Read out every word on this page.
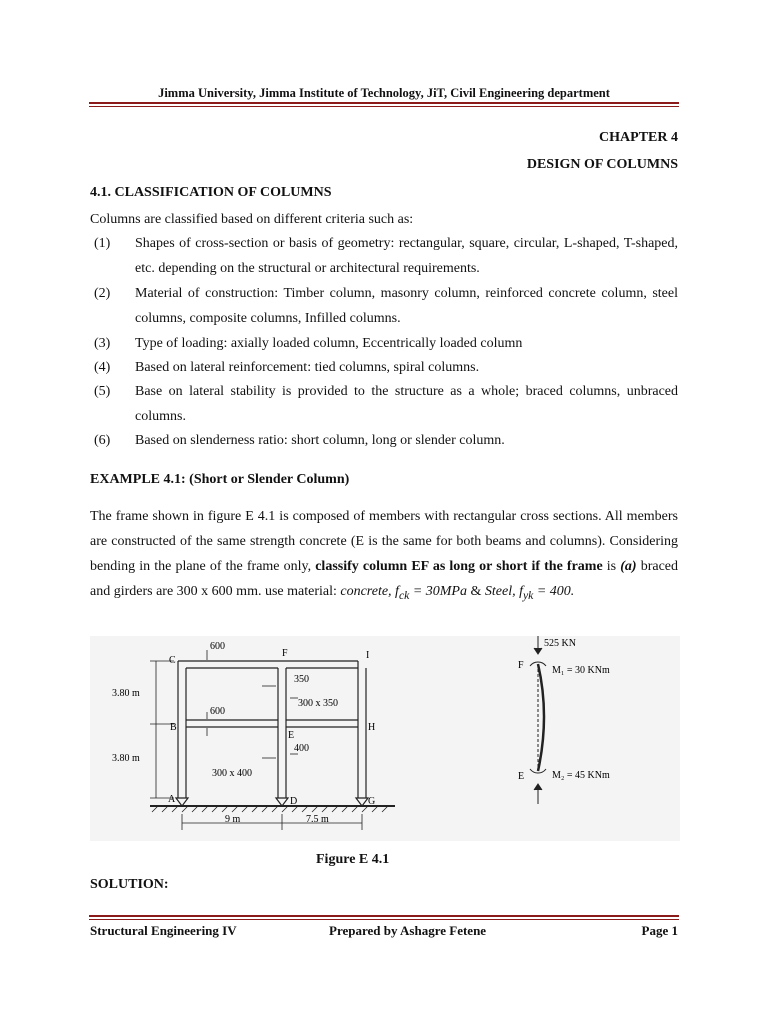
Jimma University, Jimma Institute of Technology, JiT, Civil Engineering department
CHAPTER 4
DESIGN OF COLUMNS
4.1. CLASSIFICATION OF COLUMNS
Columns are classified based on different criteria such as:
(1) Shapes of cross-section or basis of geometry: rectangular, square, circular, L-shaped, T-shaped, etc. depending on the structural or architectural requirements.
(2) Material of construction: Timber column, masonry column, reinforced concrete column, steel columns, composite columns, Infilled columns.
(3) Type of loading: axially loaded column, Eccentrically loaded column
(4) Based on lateral reinforcement: tied columns, spiral columns.
(5) Base on lateral stability is provided to the structure as a whole; braced columns, unbraced columns.
(6) Based on slenderness ratio: short column, long or slender column.
EXAMPLE 4.1: (Short or Slender Column)
The frame shown in figure E 4.1 is composed of members with rectangular cross sections. All members are constructed of the same strength concrete (E is the same for both beams and columns). Considering bending in the plane of the frame only, classify column EF as long or short if the frame is (a) braced and girders are 300 x 600 mm. use material: concrete, $f_{ck} = 30MPa$ & Steel, $f_{yk} = 400$.
600
600
350
300 x 350
400
300 x 400
3.80 m
3.80 m
9 m	7.5 m
C
F	I
B
E
H
A	D	G
525 KN
F
E
M₁ = 30 KNm
M₂ = 45 KNm
Figure E 4.1
SOLUTION:
Structural Engineering IV	Prepared by Ashagre Fetene	Page 1
